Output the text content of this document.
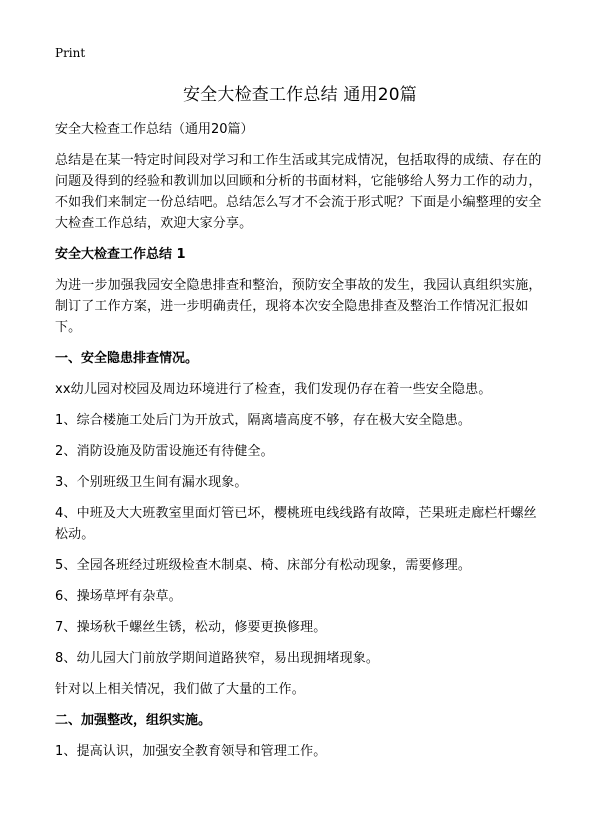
Print
安全大检查工作总结 通用20篇

安全大检查工作总结（通用20篇）

总结是在某一特定时间段对学习和工作生活或其完成情况，包括取得的成绩、存在的问题及得到的经验和教训加以回顾和分析的书面材料，它能够给人努力工作的动力，不如我们来制定一份总结吧。总结怎么写才不会流于形式呢？下面是小编整理的安全大检查工作总结，欢迎大家分享。

安全大检查工作总结 1

为进一步加强我园安全隐患排查和整治，预防安全事故的发生，我园认真组织实施，制订了工作方案，进一步明确责任，现将本次安全隐患排查及整治工作情况汇报如下。

一、安全隐患排查情况。

xx幼儿园对校园及周边环境进行了检查，我们发现仍存在着一些安全隐患。

1、综合楼施工处后门为开放式，隔离墙高度不够，存在极大安全隐患。

2、消防设施及防雷设施还有待健全。

3、个别班级卫生间有漏水现象。

4、中班及大大班教室里面灯管已坏，樱桃班电线线路有故障，芒果班走廊栏杆螺丝松动。

5、全园各班经过班级检查木制桌、椅、床部分有松动现象，需要修理。

6、操场草坪有杂草。

7、操场秋千螺丝生锈，松动，修要更换修理。

8、幼儿园大门前放学期间道路狭窄，易出现拥堵现象。

针对以上相关情况，我们做了大量的工作。

二、加强整改，组织实施。

1、提高认识，加强安全教育领导和管理工作。
